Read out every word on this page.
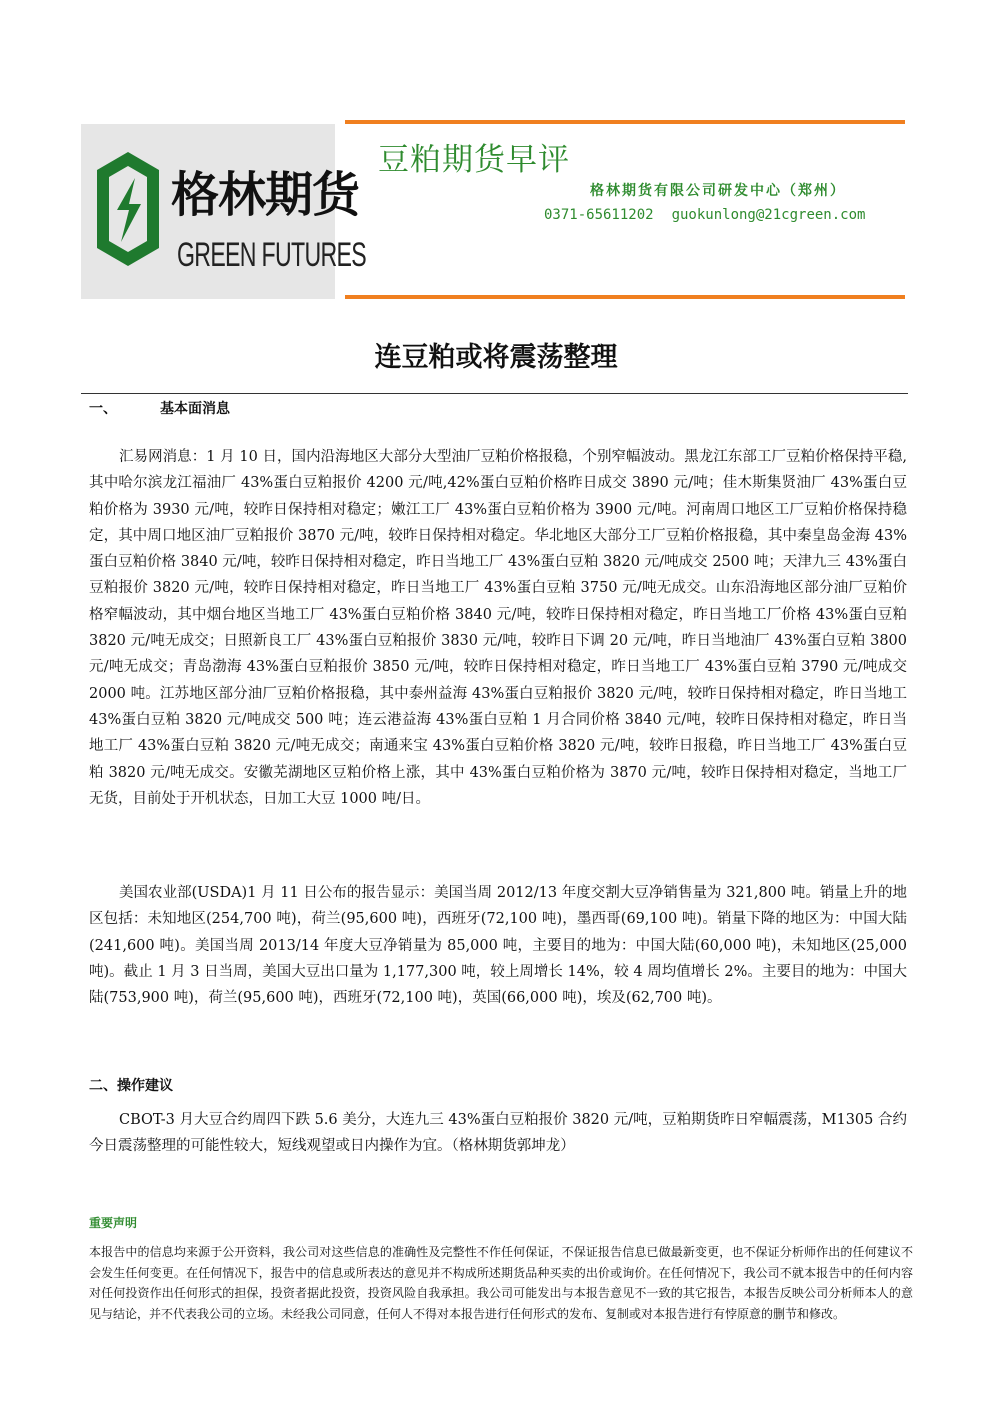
格林期货
GREEN FUTURES
豆粕期货早评
格林期货有限公司研发中心（郑州）
0371-65611202 guokunlong@21cgreen.com
连豆粕或将震荡整理
一、	基本面消息

汇易网消息：1 月 10 日，国内沿海地区大部分大型油厂豆粕价格报稳，个别窄幅波动。黑龙江东部工厂豆粕价格保持平稳,其中哈尔滨龙江福油厂 43%蛋白豆粕报价 4200 元/吨,42%蛋白豆粕价格昨日成交 3890 元/吨；佳木斯集贤油厂 43%蛋白豆粕价格为 3930 元/吨，较昨日保持相对稳定；嫩江工厂 43%蛋白豆粕价格为 3900 元/吨。河南周口地区工厂豆粕价格保持稳定，其中周口地区油厂豆粕报价 3870 元/吨，较昨日保持相对稳定。华北地区大部分工厂豆粕价格报稳，其中秦皇岛金海 43%蛋白豆粕价格 3840 元/吨，较昨日保持相对稳定，昨日当地工厂 43%蛋白豆粕 3820 元/吨成交 2500 吨；天津九三 43%蛋白豆粕报价 3820 元/吨，较昨日保持相对稳定，昨日当地工厂 43%蛋白豆粕 3750 元/吨无成交。山东沿海地区部分油厂豆粕价格窄幅波动，其中烟台地区当地工厂 43%蛋白豆粕价格 3840 元/吨，较昨日保持相对稳定，昨日当地工厂价格 43%蛋白豆粕 3820 元/吨无成交；日照新良工厂 43%蛋白豆粕报价 3830 元/吨，较昨日下调 20 元/吨，昨日当地油厂 43%蛋白豆粕 3800 元/吨无成交；青岛渤海 43%蛋白豆粕报价 3850 元/吨，较昨日保持相对稳定，昨日当地工厂 43%蛋白豆粕 3790 元/吨成交 2000 吨。江苏地区部分油厂豆粕价格报稳，其中泰州益海 43%蛋白豆粕报价 3820 元/吨，较昨日保持相对稳定，昨日当地工 43%蛋白豆粕 3820 元/吨成交 500 吨；连云港益海 43%蛋白豆粕 1 月合同价格 3840 元/吨，较昨日保持相对稳定，昨日当地工厂 43%蛋白豆粕 3820 元/吨无成交；南通来宝 43%蛋白豆粕价格 3820 元/吨，较昨日报稳，昨日当地工厂 43%蛋白豆粕 3820 元/吨无成交。安徽芜湖地区豆粕价格上涨，其中 43%蛋白豆粕价格为 3870 元/吨，较昨日保持相对稳定，当地工厂无货，目前处于开机状态，日加工大豆 1000 吨/日。

美国农业部(USDA)1 月 11 日公布的报告显示：美国当周 2012/13 年度交割大豆净销售量为 321,800 吨。销量上升的地区包括：未知地区(254,700 吨)，荷兰(95,600 吨)，西班牙(72,100 吨)，墨西哥(69,100 吨)。销量下降的地区为：中国大陆(241,600 吨)。美国当周 2013/14 年度大豆净销量为 85,000 吨，主要目的地为：中国大陆(60,000 吨)，未知地区(25,000 吨)。截止 1 月 3 日当周，美国大豆出口量为 1,177,300 吨，较上周增长 14%，较 4 周均值增长 2%。主要目的地为：中国大陆(753,900 吨)，荷兰(95,600 吨)，西班牙(72,100 吨)，英国(66,000 吨)，埃及(62,700 吨)。

二、操作建议

CBOT-3 月大豆合约周四下跌 5.6 美分，大连九三 43%蛋白豆粕报价 3820 元/吨，豆粕期货昨日窄幅震荡，M1305 合约今日震荡整理的可能性较大，短线观望或日内操作为宜。（格林期货郭坤龙）

重要声明

本报告中的信息均来源于公开资料，我公司对这些信息的准确性及完整性不作任何保证，不保证报告信息已做最新变更，也不保证分析师作出的任何建议不会发生任何变更。在任何情况下，报告中的信息或所表达的意见并不构成所述期货品种买卖的出价或询价。在任何情况下，我公司不就本报告中的任何内容对任何投资作出任何形式的担保，投资者据此投资，投资风险自我承担。我公司可能发出与本报告意见不一致的其它报告，本报告反映公司分析师本人的意见与结论，并不代表我公司的立场。未经我公司同意，任何人不得对本报告进行任何形式的发布、复制或对本报告进行有悖原意的删节和修改。
